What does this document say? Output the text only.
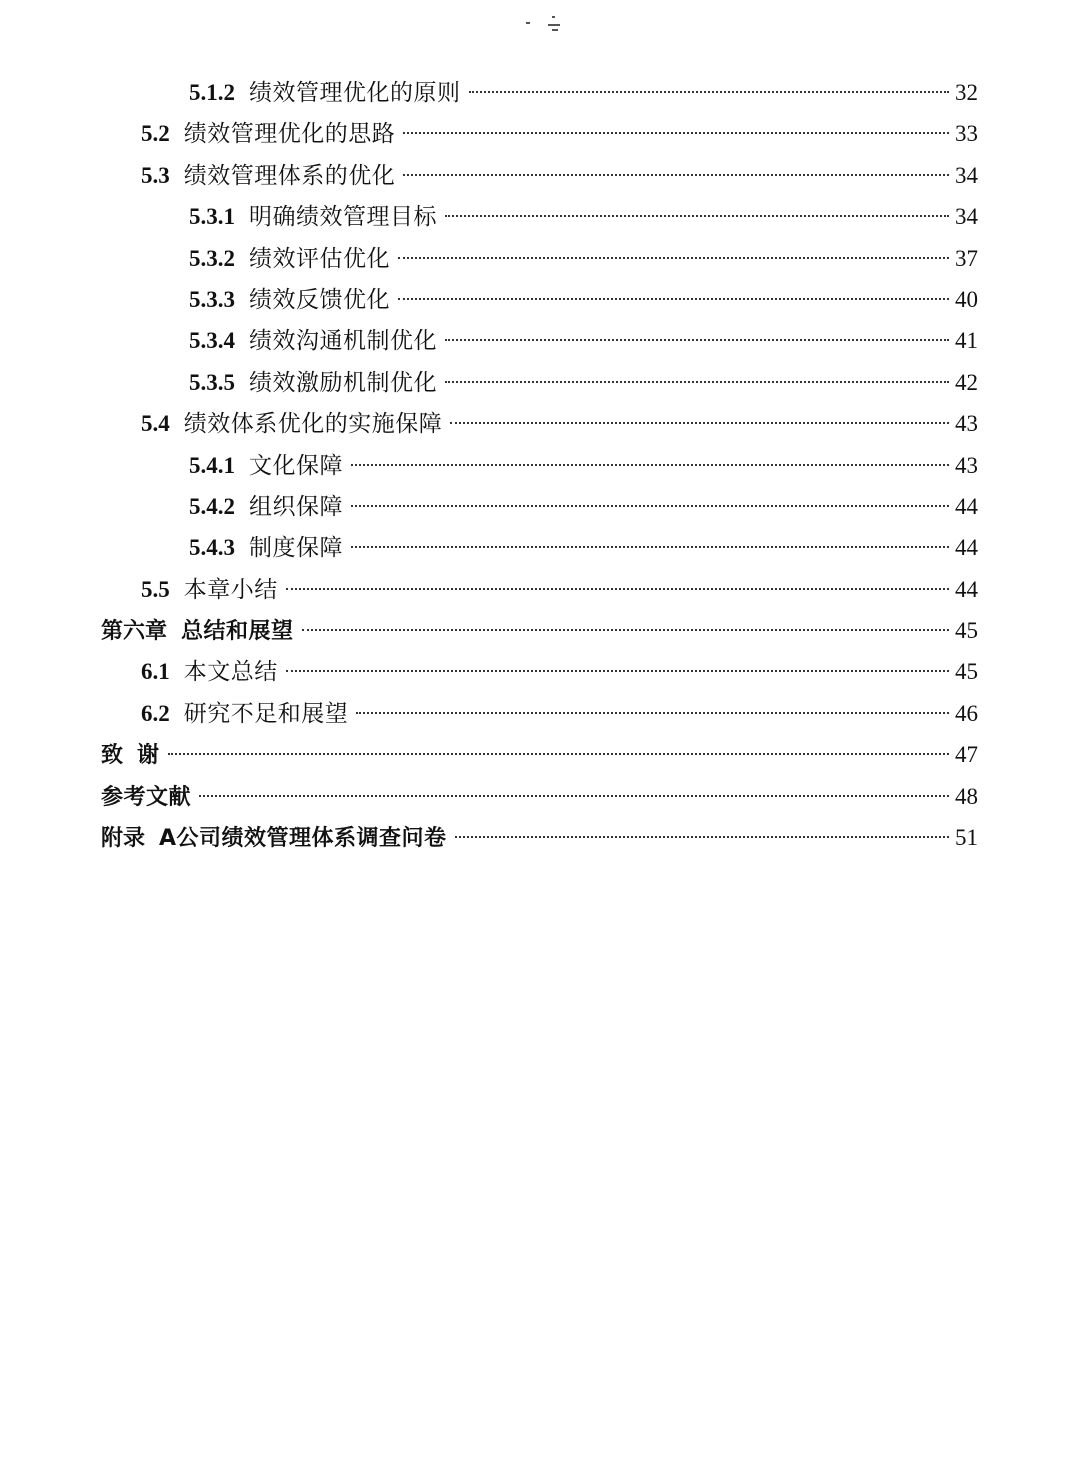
5.1.2 绩效管理优化的原则	32
5.2 绩效管理优化的思路	33
5.3 绩效管理体系的优化	34
5.3.1 明确绩效管理目标	34
5.3.2 绩效评估优化	37
5.3.3 绩效反馈优化	40
5.3.4 绩效沟通机制优化	41
5.3.5 绩效激励机制优化	42
5.4 绩效体系优化的实施保障	43
5.4.1 文化保障	43
5.4.2 组织保障	44
5.4.3 制度保障	44
5.5 本章小结	44
第六章 总结和展望	45
6.1 本文总结	45
6.2 研究不足和展望	46
致 谢	47
参考文献	48
附录 A公司绩效管理体系调查问卷	51
